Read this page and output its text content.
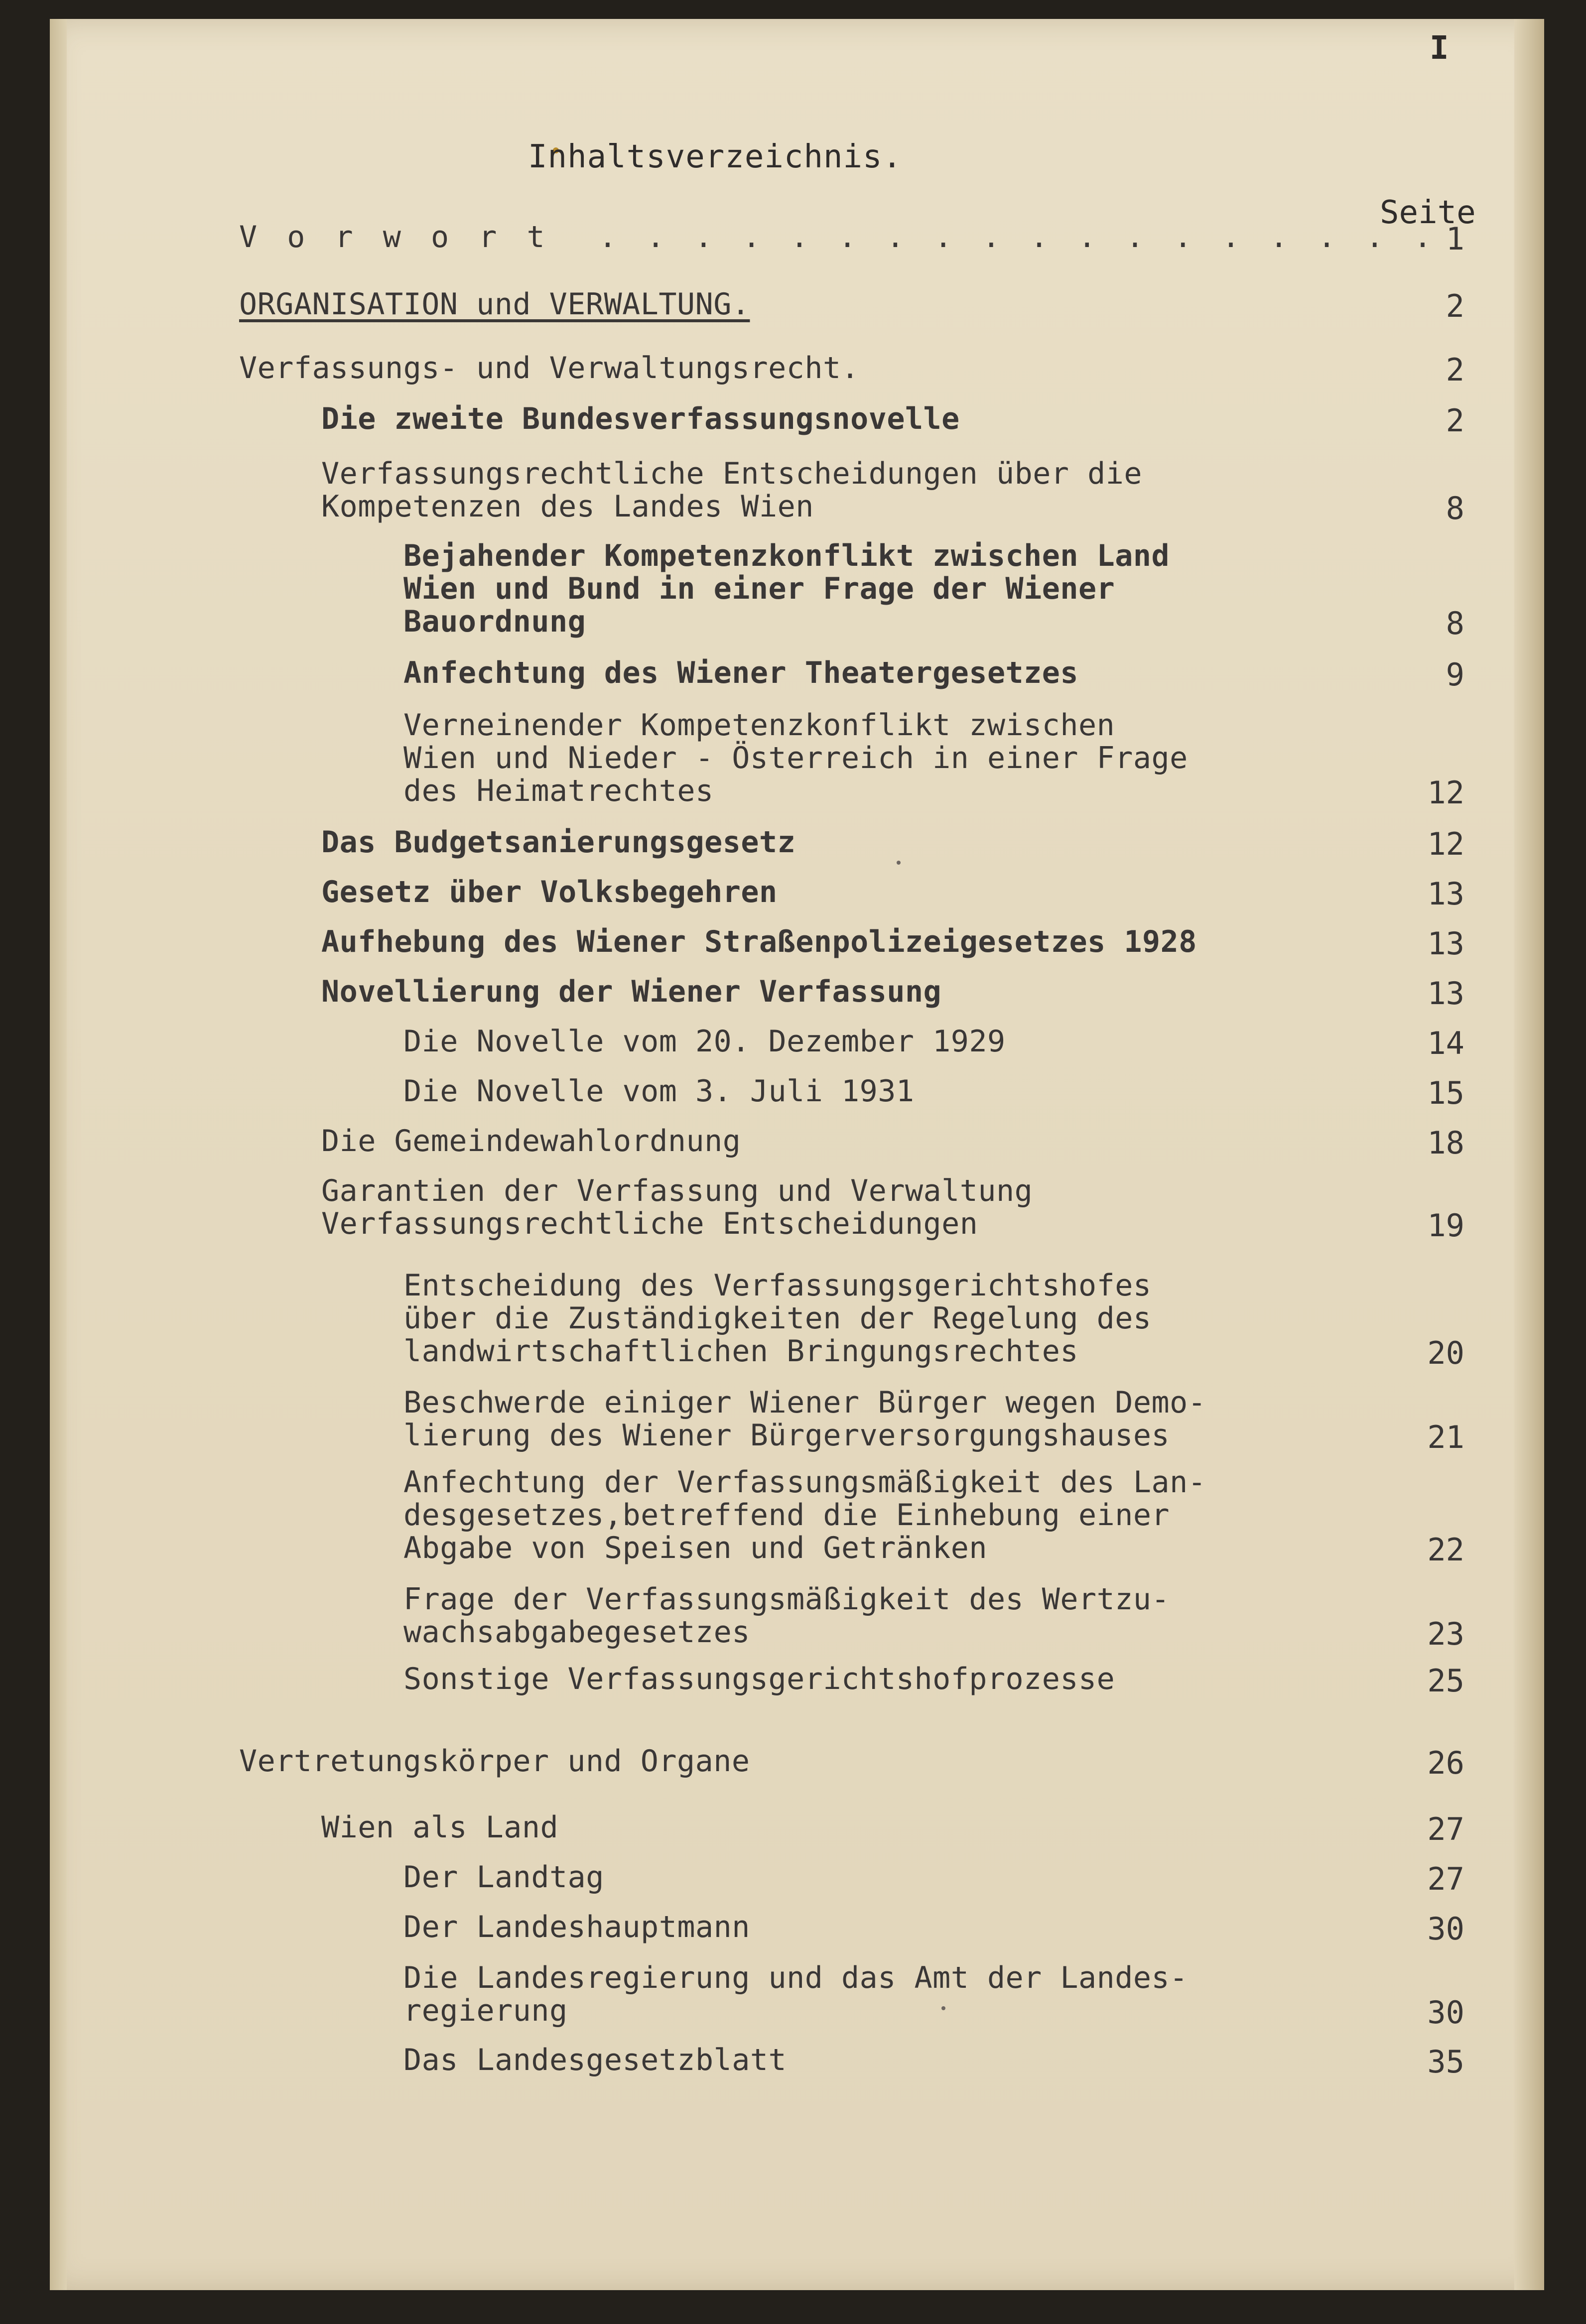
I
Inhaltsverzeichnis.
Seite
V o r w o r t  . . . . . . . . . . . . . . . . . . 1
ORGANISATION und VERWALTUNG.	2
Verfassungs- und Verwaltungsrecht.	2
Die zweite Bundesverfassungsnovelle	2
Verfassungsrechtliche Entscheidungen über die
Kompetenzen des Landes Wien	8
Bejahender Kompetenzkonflikt zwischen Land
Wien und Bund in einer Frage der Wiener
Bauordnung	8
Anfechtung des Wiener Theatergesetzes	9
Verneinender Kompetenzkonflikt zwischen
Wien und Nieder - Österreich in einer Frage
des Heimatrechtes	12
Das Budgetsanierungsgesetz	12
Gesetz über Volksbegehren	13
Aufhebung des Wiener Straßenpolizeigesetzes 1928	13
Novellierung der Wiener Verfassung	13
Die Novelle vom 20. Dezember 1929	14
Die Novelle vom 3. Juli 1931	15
Die Gemeindewahlordnung	18
Garantien der Verfassung und Verwaltung
Verfassungsrechtliche Entscheidungen	19
Entscheidung des Verfassungsgerichtshofes
über die Zuständigkeiten der Regelung des
landwirtschaftlichen Bringungsrechtes	20
Beschwerde einiger Wiener Bürger wegen Demo-
lierung des Wiener Bürgerversorgungshauses	21
Anfechtung der Verfassungsmäßigkeit des Lan-
desgesetzes,betreffend die Einhebung einer
Abgabe von Speisen und Getränken	22
Frage der Verfassungsmäßigkeit des Wertzu-
wachsabgabegesetzes	23
Sonstige Verfassungsgerichtshofprozesse	25
Vertretungskörper und Organe	26
Wien als Land	27
Der Landtag	27
Der Landeshauptmann	30
Die Landesregierung und das Amt der Landes-
regierung	30
Das Landesgesetzblatt	35
